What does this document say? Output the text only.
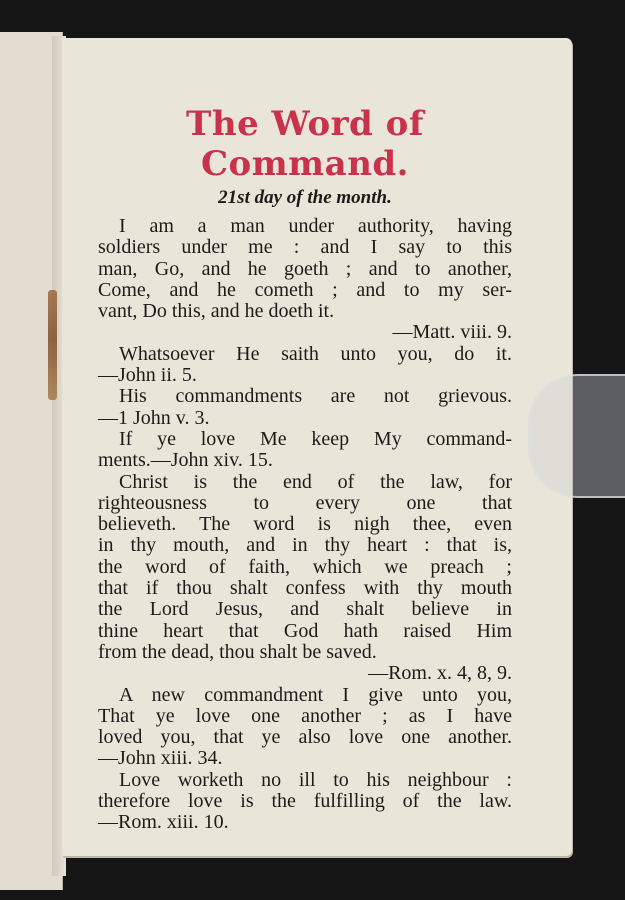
The Word of Command.
21st day of the month.
I am a man under authority, having
soldiers under me : and I say to this
man, Go, and he goeth ; and to another,
Come, and he cometh ; and to my ser-
vant, Do this, and he doeth it.
—Matt. viii. 9.
Whatsoever He saith unto you, do it.
—John ii. 5.
His commandments are not grievous.
—1 John v. 3.
If ye love Me keep My command-
ments.—John xiv. 15.
Christ is the end of the law, for
righteousness to every one that
believeth. The word is nigh thee, even
in thy mouth, and in thy heart : that is,
the word of faith, which we preach ;
that if thou shalt confess with thy mouth
the Lord Jesus, and shalt believe in
thine heart that God hath raised Him
from the dead, thou shalt be saved.
—Rom. x. 4, 8, 9.
A new commandment I give unto you,
That ye love one another ; as I have
loved you, that ye also love one another.
—John xiii. 34.
Love worketh no ill to his neighbour :
therefore love is the fulfilling of the law.
—Rom. xiii. 10.
